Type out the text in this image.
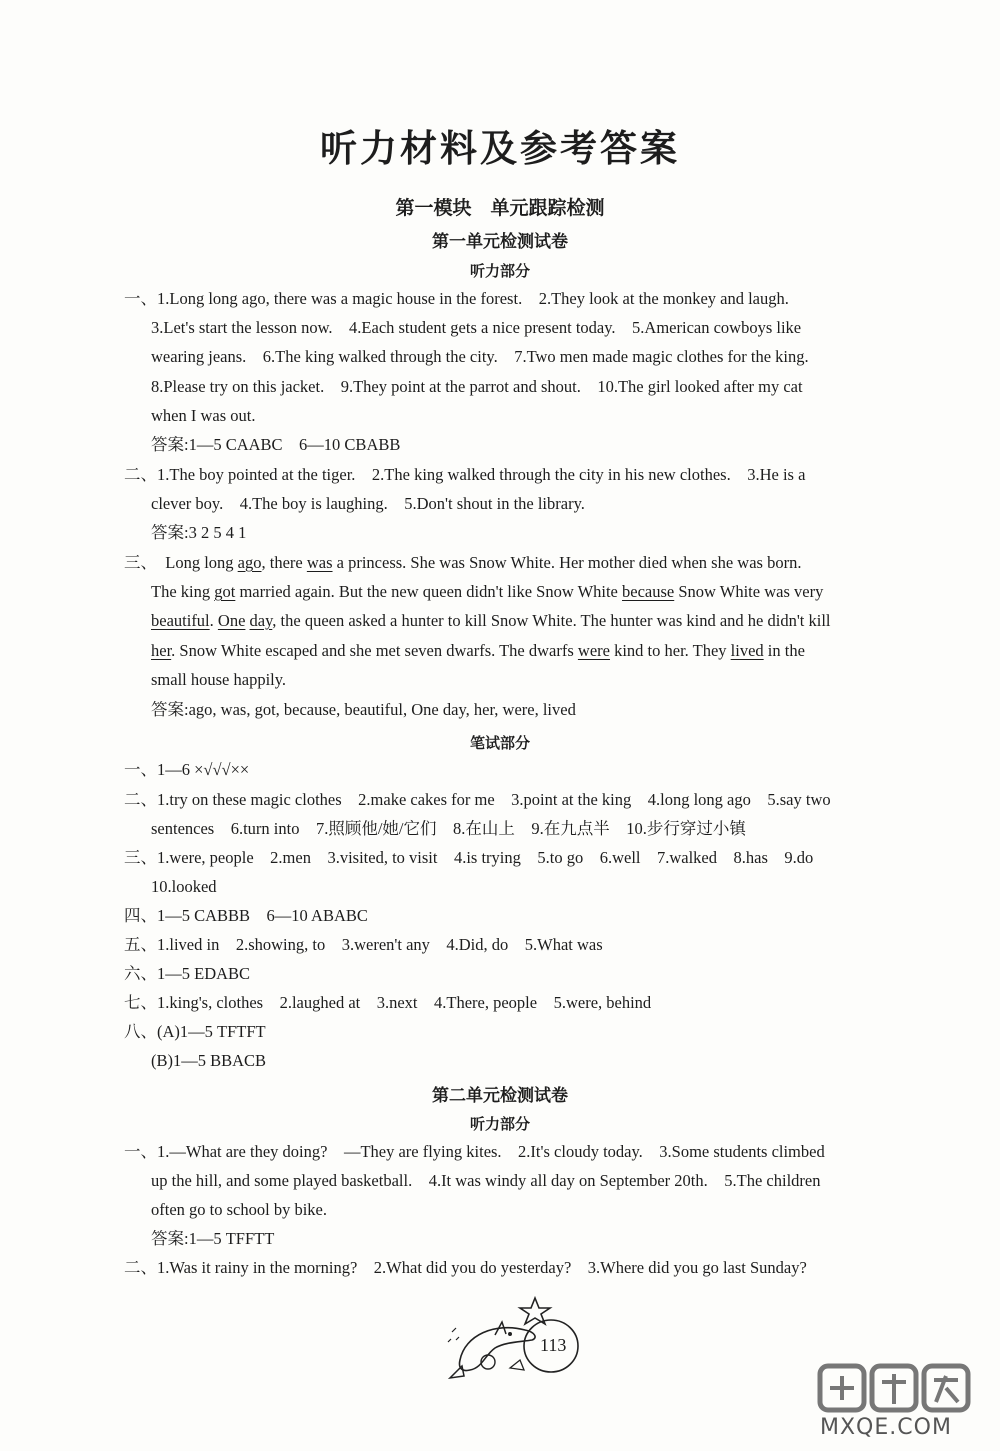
听力材料及参考答案
第一模块　单元跟踪检测
第一单元检测试卷
听力部分
一、1.Long long ago, there was a magic house in the forest.　2.They look at the monkey and laugh.
3.Let's start the lesson now.　4.Each student gets a nice present today.　5.American cowboys like
wearing jeans.　6.The king walked through the city.　7.Two men made magic clothes for the king.
8.Please try on this jacket.　9.They point at the parrot and shout.　10.The girl looked after my cat
when I was out.
答案:1—5 CAABC　6—10 CBABB
二、1.The boy pointed at the tiger.　2.The king walked through the city in his new clothes.　3.He is a
clever boy.　4.The boy is laughing.　5.Don't shout in the library.
答案:3 2 5 4 1
三、　Long long ago, there was a princess. She was Snow White. Her mother died when she was born.
The king got married again. But the new queen didn't like Snow White because Snow White was very
beautiful. One day, the queen asked a hunter to kill Snow White. The hunter was kind and he didn't kill
her. Snow White escaped and she met seven dwarfs. The dwarfs were kind to her. They lived in the
small house happily.
答案:ago, was, got, because, beautiful, One day, her, were, lived
笔试部分
一、1—6 ×√√√××
二、1.try on these magic clothes　2.make cakes for me　3.point at the king　4.long long ago　5.say two
sentences　6.turn into　7.照顾他/她/它们　8.在山上　9.在九点半　10.步行穿过小镇
三、1.were, people　2.men　3.visited, to visit　4.is trying　5.to go　6.well　7.walked　8.has　9.do
10.looked
四、1—5 CABBB　6—10 ABABC
五、1.lived in　2.showing, to　3.weren't any　4.Did, do　5.What was
六、1—5 EDABC
七、1.king's, clothes　2.laughed at　3.next　4.There, people　5.were, behind
八、(A)1—5 TFTFT
(B)1—5 BBACB
第二单元检测试卷
听力部分
一、1.—What are they doing?　—They are flying kites.　2.It's cloudy today.　3.Some students climbed
up the hill, and some played basketball.　4.It was windy all day on September 20th.　5.The children
often go to school by bike.
答案:1—5 TFFTT
二、1.Was it rainy in the morning?　2.What did you do yesterday?　3.Where did you go last Sunday?
113
MXQE.COM
